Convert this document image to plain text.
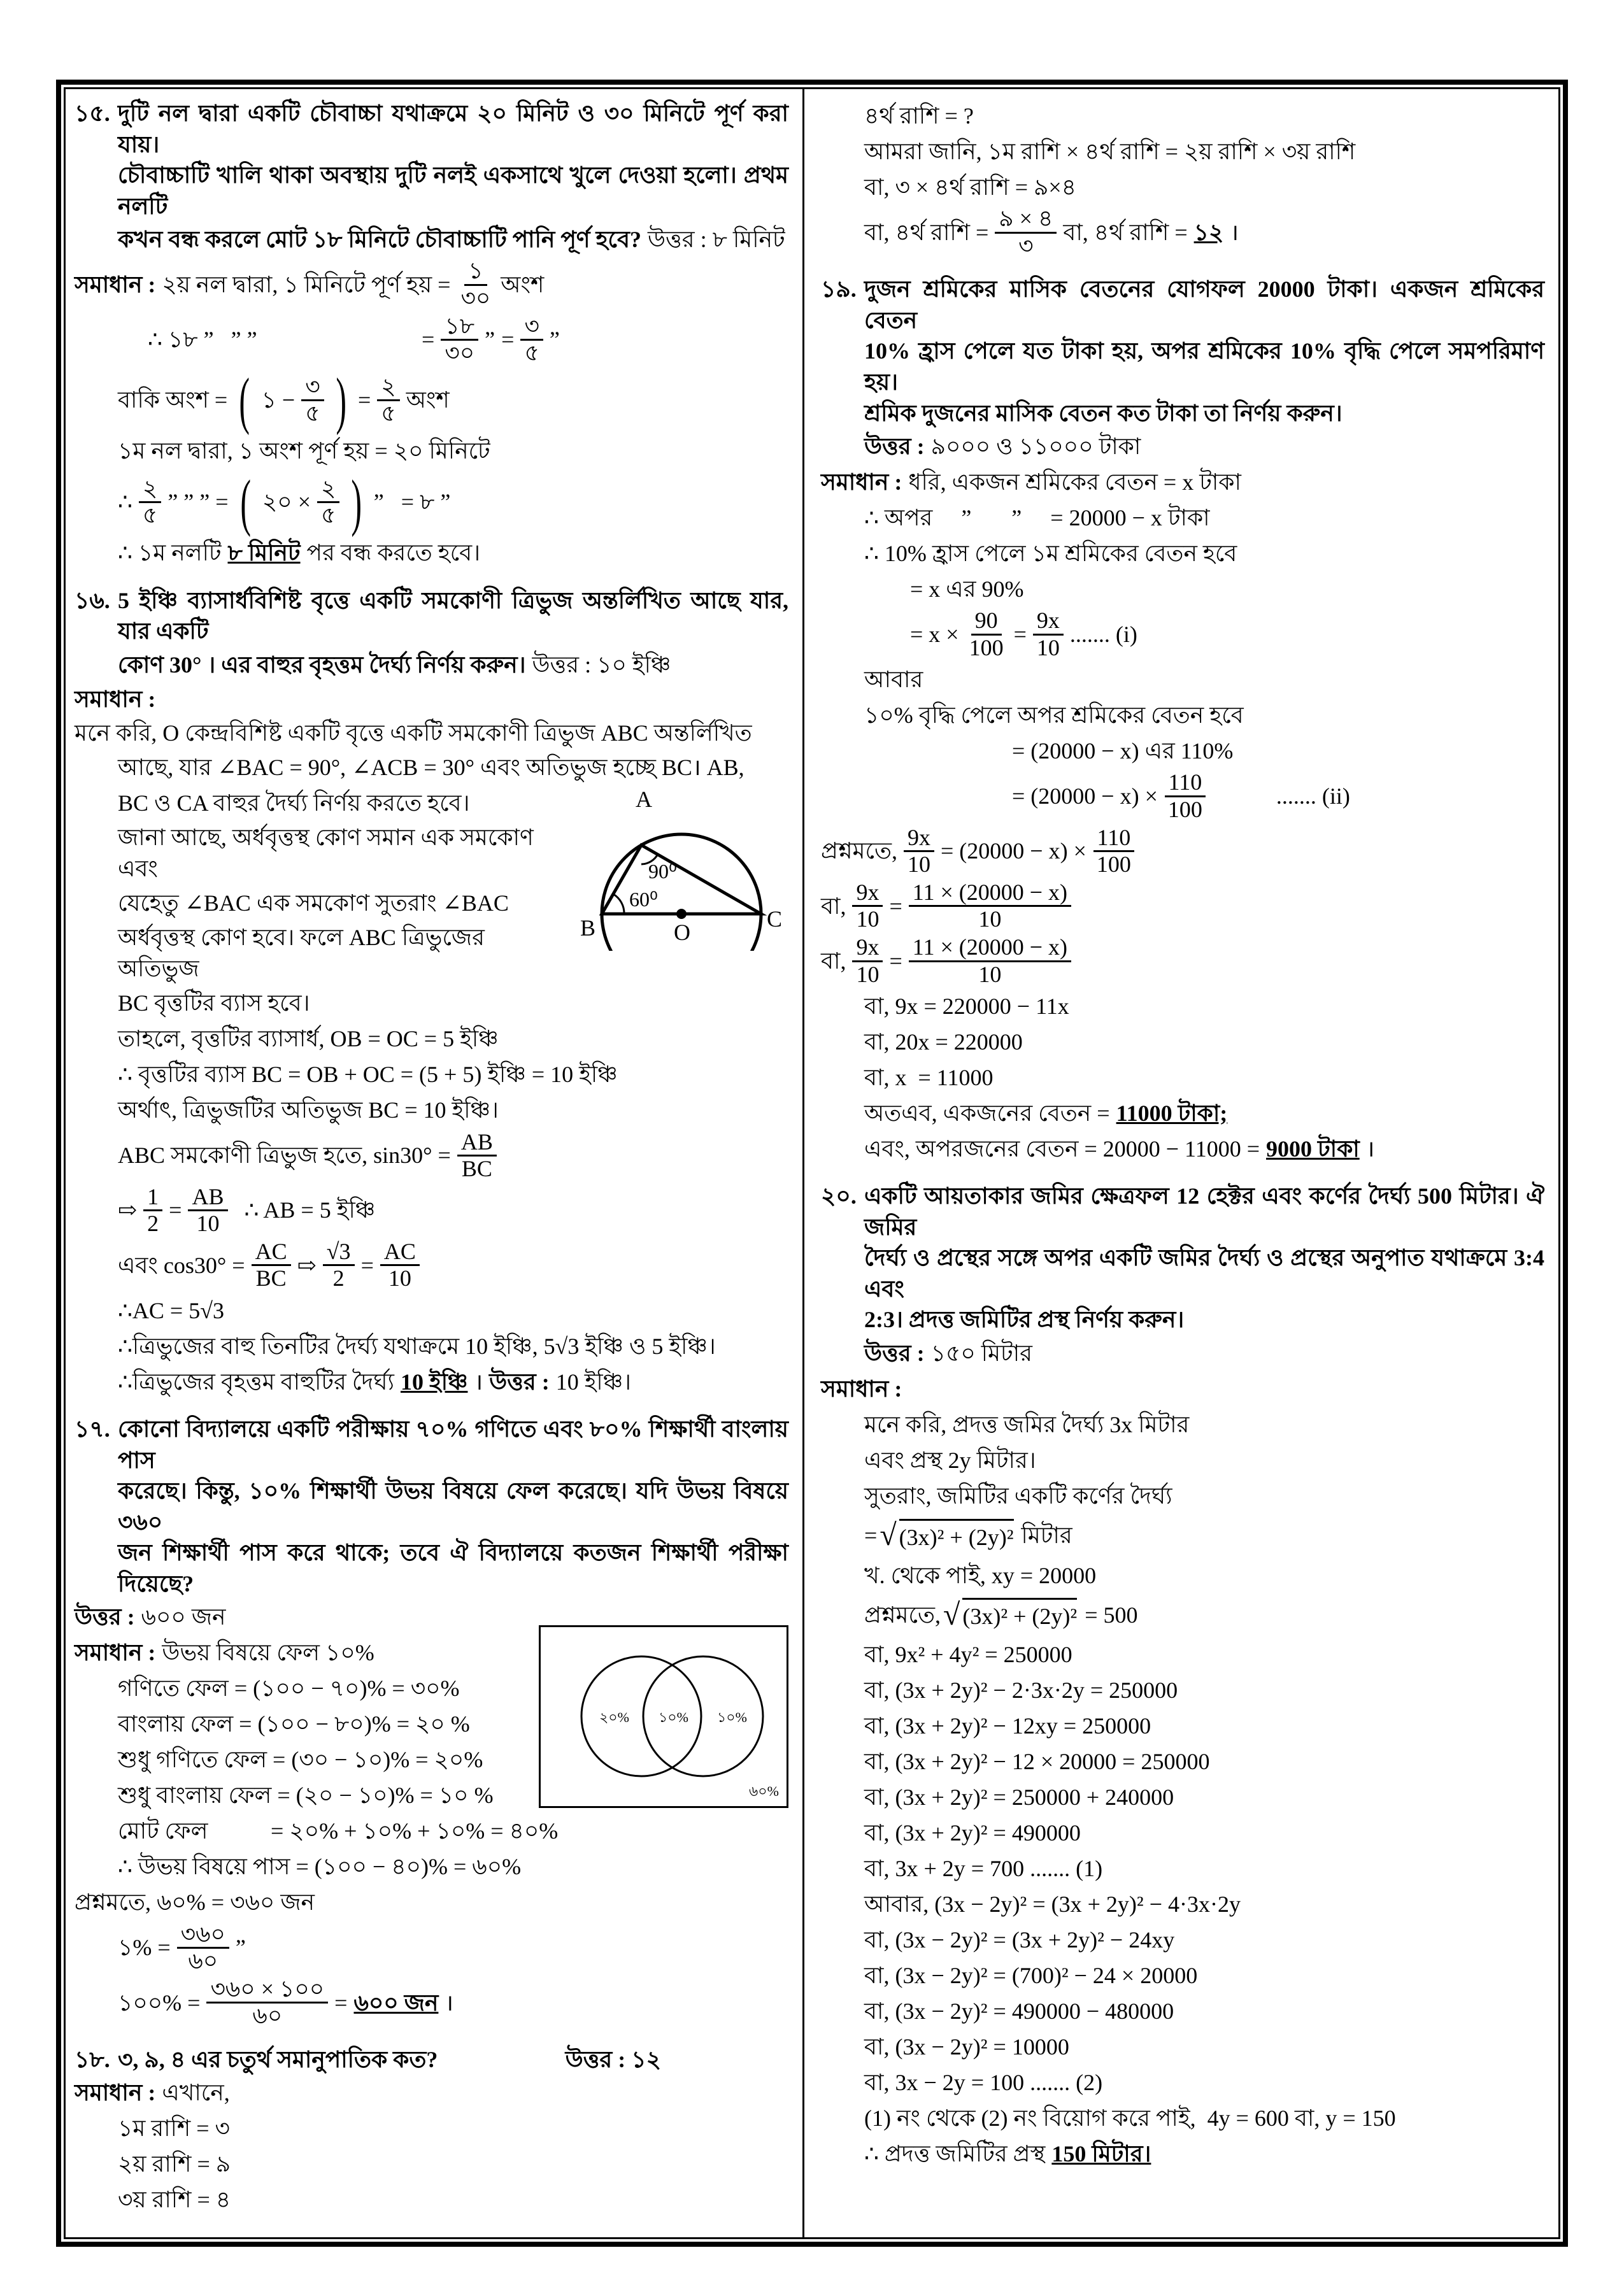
১৫. দুটি নল দ্বারা একটি চৌবাচ্চা যথাক্রমে ২০ মিনিট ও ৩০ মিনিটে পূর্ণ করা যায়।
চৌবাচ্চাটি খালি থাকা অবস্থায় দুটি নলই একসাথে খুলে দেওয়া হলো। প্রথম নলটি
কখন বন্ধ করলে মোট ১৮ মিনিটে চৌবাচ্চাটি পানি পূর্ণ হবে? উত্তর : ৮ মিনিট
সমাধান : ২য় নল দ্বারা, ১ মিনিটে পূর্ণ হয় = $\frac{১}{৩০}$ অংশ
∴ ১৮ ”   ” ”	= $\frac{১৮}{৩০}$ ” = $\frac{৩}{৫}$ ”
বাকি অংশ = ( ১ − $\frac{৩}{৫}$ ) = $\frac{২}{৫}$ অংশ
১ম নল দ্বারা, ১ অংশ পূর্ণ হয় = ২০ মিনিটে
∴ $\frac{২}{৫}$ ” ” ” = ( ২০ × $\frac{২}{৫}$ ) ”   = ৮ ”
∴ ১ম নলটি ৮ মিনিট পর বন্ধ করতে হবে।
১৬. 5 ইঞ্চি ব্যাসার্ধবিশিষ্ট বৃত্তে একটি সমকোণী ত্রিভুজ অন্তর্লিখিত আছে যার, যার একটি
কোণ 30° । এর বাহুর বৃহত্তম দৈর্ঘ্য নির্ণয় করুন। উত্তর : ১০ ইঞ্চি
সমাধান :
মনে করি, O কেন্দ্রবিশিষ্ট একটি বৃত্তে একটি সমকোণী ত্রিভুজ ABC অন্তর্লিখিত
আছে, যার ∠BAC = 90°, ∠ACB = 30° এবং অতিভুজ হচ্ছে BC। AB,
BC ও CA বাহুর দৈর্ঘ্য নির্ণয় করতে হবে।
জানা আছে, অর্ধবৃত্তস্থ কোণ সমান এক সমকোণ এবং
যেহেতু ∠BAC এক সমকোণ সুতরাং ∠BAC
অর্ধবৃত্তস্থ কোণ হবে। ফলে ABC ত্রিভুজের অতিভুজ
BC বৃত্তটির ব্যাস হবে।
A
B	C
O
90⁰
60⁰
তাহলে, বৃত্তটির ব্যাসার্ধ, OB = OC = 5 ইঞ্চি
∴ বৃত্তটির ব্যাস BC = OB + OC = (5 + 5) ইঞ্চি = 10 ইঞ্চি
অর্থাৎ, ত্রিভুজটির অতিভুজ BC = 10 ইঞ্চি।
ABC সমকোণী ত্রিভুজ হতে, $\sin 30^\circ = \frac{AB}{BC}$
⇨ $\frac{1}{2} = \frac{AB}{10}$ ∴ AB = 5 ইঞ্চি
এবং $\cos 30^\circ = \frac{AC}{BC}$ ⇨ $\frac{√3}{2} = \frac{AC}{10}$
∴AC = 5√3
∴ত্রিভুজের বাহু তিনটির দৈর্ঘ্য যথাক্রমে 10 ইঞ্চি, 5√3 ইঞ্চি ও 5 ইঞ্চি।
∴ত্রিভুজের বৃহত্তম বাহুটির দৈর্ঘ্য 10 ইঞ্চি । উত্তর : 10 ইঞ্চি।
১৭. কোনো বিদ্যালয়ে একটি পরীক্ষায় ৭০% গণিতে এবং ৮০% শিক্ষার্থী বাংলায় পাস
করেছে। কিন্তু, ১০% শিক্ষার্থী উভয় বিষয়ে ফেল করেছে। যদি উভয় বিষয়ে ৩৬০
জন শিক্ষার্থী পাস করে থাকে; তবে ঐ বিদ্যালয়ে কতজন শিক্ষার্থী পরীক্ষা দিয়েছে?
উত্তর : ৬০০ জন
সমাধান : উভয় বিষয়ে ফেল ১০%
গণিতে ফেল = (১০০ − ৭০)% = ৩০%
বাংলায় ফেল = (১০০ − ৮০)% = ২০ %
শুধু গণিতে ফেল = (৩০ − ১০)% = ২০%
শুধু বাংলায় ফেল = (২০ − ১০)% = ১০ %
২০% ১০% ১০%
৬০%
মোট ফেল	= ২০% + ১০% + ১০% = ৪০%
∴ উভয় বিষয়ে পাস = (১০০ − ৪০)% = ৬০%
প্রশ্নমতে, ৬০% = ৩৬০ জন
১% = $\frac{৩৬০}{৬০}$ ”
১০০% = $\frac{৩৬০ \times ১০০}{৬০}$ = ৬০০ জন ।
১৮. ৩, ৯, ৪ এর চতুর্থ সমানুপাতিক কত?	উত্তর : ১২
সমাধান : এখানে,
১ম রাশি = ৩
২য় রাশি = ৯
৩য় রাশি = ৪
৪র্থ রাশি = ?
আমরা জানি, ১ম রাশি × ৪র্থ রাশি = ২য় রাশি × ৩য় রাশি
বা, ৩ × ৪র্থ রাশি = ৯×৪
বা, ৪র্থ রাশি = $\frac{৯ \times ৪}{৩}$ বা, ৪র্থ রাশি = ১২ ।
১৯. দুজন শ্রমিকের মাসিক বেতনের যোগফল 20000 টাকা। একজন শ্রমিকের বেতন
10% হ্রাস পেলে যত টাকা হয়, অপর শ্রমিকের 10% বৃদ্ধি পেলে সমপরিমাণ হয়।
শ্রমিক দুজনের মাসিক বেতন কত টাকা তা নির্ণয় করুন।
উত্তর : ৯০০০ ও ১১০০০ টাকা
সমাধান : ধরি, একজন শ্রমিকের বেতন = x টাকা
∴ অপর     ”       ”     = 20000 − x টাকা
∴ 10% হ্রাস পেলে ১ম শ্রমিকের বেতন হবে
= x এর 90%
= $x \times \frac{90}{100} = \frac{9x}{10}$ ....... (i)
আবার
১০% বৃদ্ধি পেলে অপর শ্রমিকের বেতন হবে
= (20000 − x) এর 110%
= $(20000 - x) \times \frac{110}{100}$	....... (ii)
প্রশ্নমতে, $\frac{9x}{10} = (20000 - x) \times \frac{110}{100}$
বা, $\frac{9x}{10} = \frac{11 \times (20000 - x)}{10}$
বা, $\frac{9x}{10} = \frac{11 \times (20000 - x)}{10}$
বা, 9x = 220000 − 11x
বা, 20x = 220000
বা, x  = 11000
অতএব, একজনের বেতন = 11000 টাকা;
এবং, অপরজনের বেতন = 20000 − 11000 = 9000 টাকা ।
২০. একটি আয়তাকার জমির ক্ষেত্রফল 12 হেক্টর এবং কর্ণের দৈর্ঘ্য 500 মিটার। ঐ জমির
দৈর্ঘ্য ও প্রস্থের সঙ্গে অপর একটি জমির দৈর্ঘ্য ও প্রস্থের অনুপাত যথাক্রমে 3:4 এবং
2:3। প্রদত্ত জমিটির প্রস্থ নির্ণয় করুন।
উত্তর : ১৫০ মিটার
সমাধান :
মনে করি, প্রদত্ত জমির দৈর্ঘ্য 3x মিটার
এবং প্রস্থ 2y মিটার।
সুতরাং, জমিটির একটি কর্ণের দৈর্ঘ্য
= √ (3x)² + (2y)² মিটার
খ. থেকে পাই, xy = 20000
প্রশ্নমতে, √ (3x)² + (2y)² = 500
বা, 9x² + 4y² = 250000
বা, (3x + 2y)² − 2·3x·2y = 250000
বা, (3x + 2y)² − 12xy = 250000
বা, (3x + 2y)² − 12 × 20000 = 250000
বা, (3x + 2y)² = 250000 + 240000
বা, (3x + 2y)² = 490000
বা, 3x + 2y = 700 ....... (1)
আবার, (3x − 2y)² = (3x + 2y)² − 4·3x·2y
বা, (3x − 2y)² = (3x + 2y)² − 24xy
বা, (3x − 2y)² = (700)² − 24 × 20000
বা, (3x − 2y)² = 490000 − 480000
বা, (3x − 2y)² = 10000
বা, 3x − 2y = 100 ....... (2)
(1) নং থেকে (2) নং বিয়োগ করে পাই,  4y = 600 বা, y = 150
∴ প্রদত্ত জমিটির প্রস্থ 150 মিটার।
